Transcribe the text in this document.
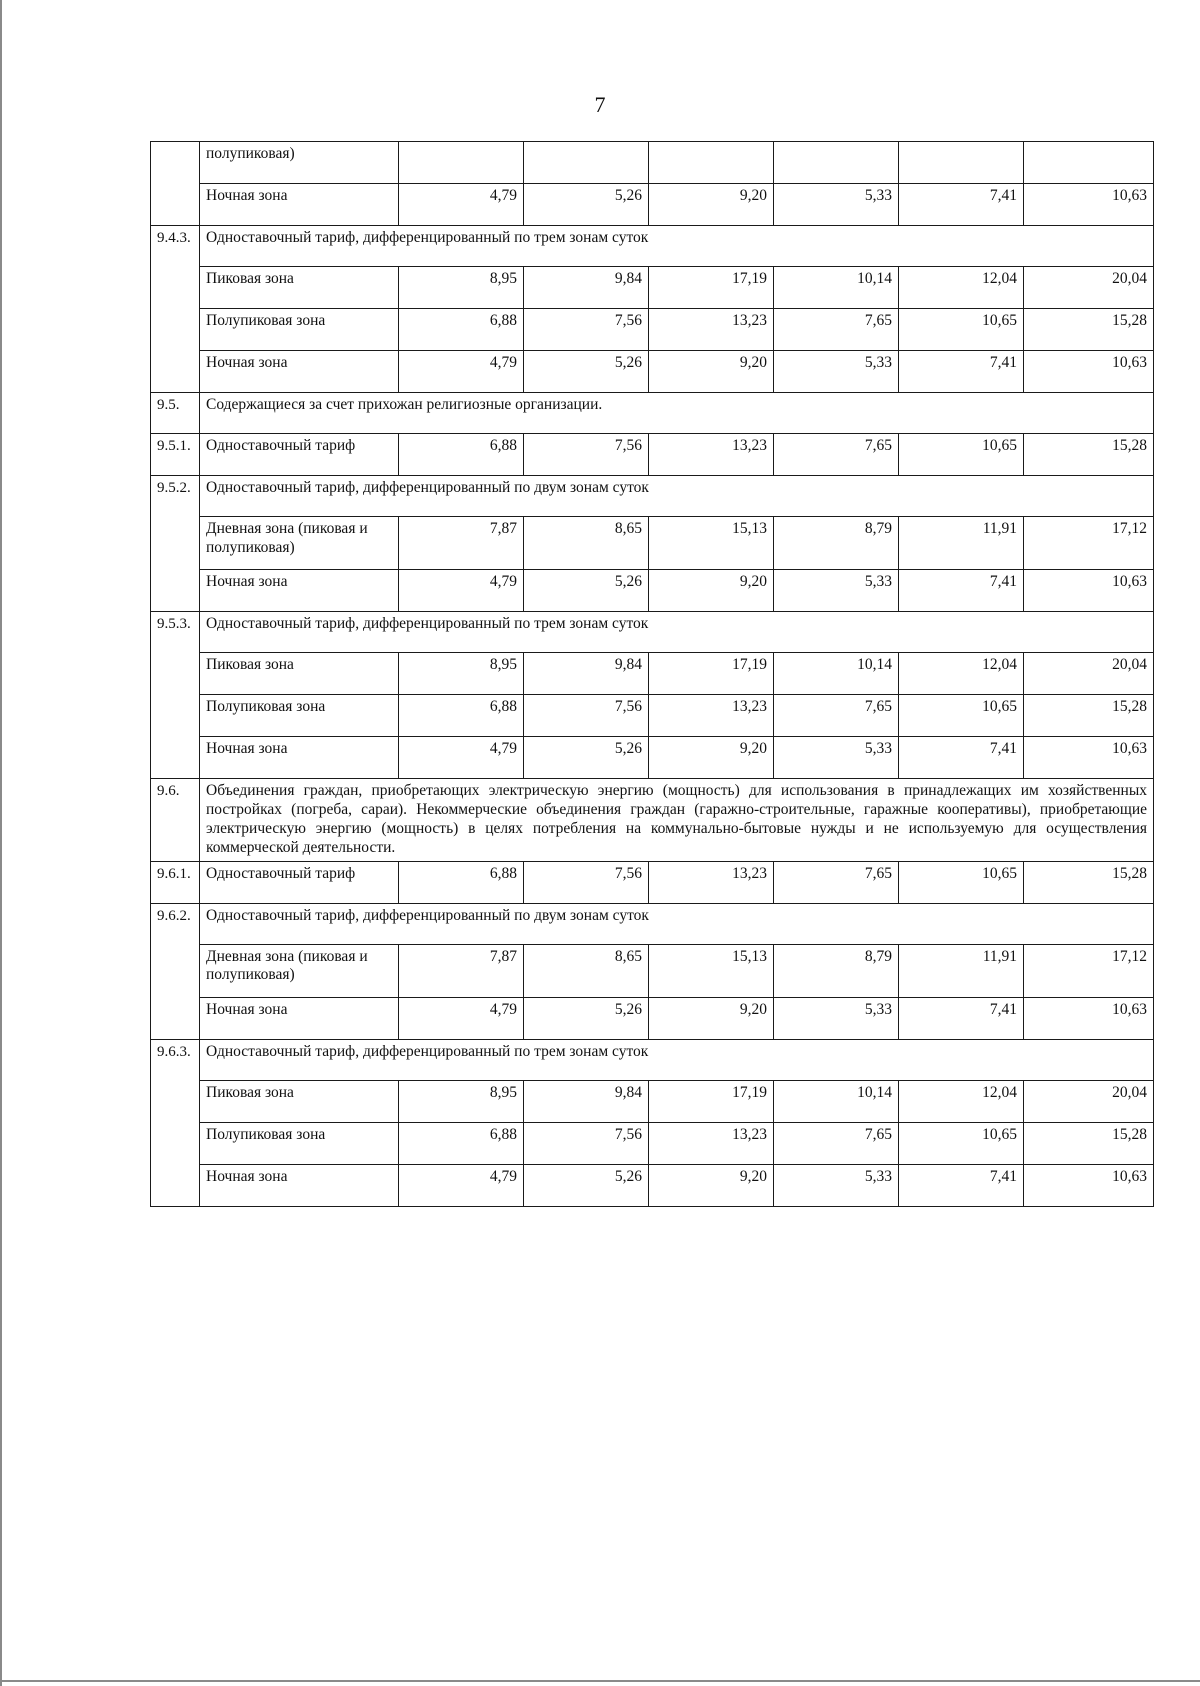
7
	полупиковая)						
	Ночная зона	4,79	5,26	9,20	5,33	7,41	10,63
9.4.3.	Одноставочный тариф, дифференцированный по трем зонам суток						
	Пиковая зона	8,95	9,84	17,19	10,14	12,04	20,04
	Полупиковая зона	6,88	7,56	13,23	7,65	10,65	15,28
	Ночная зона	4,79	5,26	9,20	5,33	7,41	10,63
9.5.	Содержащиеся за счет прихожан религиозные организации.						
9.5.1.	Одноставочный тариф	6,88	7,56	13,23	7,65	10,65	15,28
9.5.2.	Одноставочный тариф, дифференцированный по двум зонам суток						
	Дневная зона (пиковая и полупиковая)	7,87	8,65	15,13	8,79	11,91	17,12
	Ночная зона	4,79	5,26	9,20	5,33	7,41	10,63
9.5.3.	Одноставочный тариф, дифференцированный по трем зонам суток						
	Пиковая зона	8,95	9,84	17,19	10,14	12,04	20,04
	Полупиковая зона	6,88	7,56	13,23	7,65	10,65	15,28
	Ночная зона	4,79	5,26	9,20	5,33	7,41	10,63
9.6.	Объединения граждан, приобретающих электрическую энергию (мощность) для использования в принадлежащих им хозяйственных постройках (погреба, сараи). Некоммерческие объединения граждан (гаражно-строительные, гаражные кооперативы), приобретающие электрическую энергию (мощность) в целях потребления на коммунально-бытовые нужды и не используемую для осуществления коммерческой деятельности.						
9.6.1.	Одноставочный тариф	6,88	7,56	13,23	7,65	10,65	15,28
9.6.2.	Одноставочный тариф, дифференцированный по двум зонам суток						
	Дневная зона (пиковая и полупиковая)	7,87	8,65	15,13	8,79	11,91	17,12
	Ночная зона	4,79	5,26	9,20	5,33	7,41	10,63
9.6.3.	Одноставочный тариф, дифференцированный по трем зонам суток						
	Пиковая зона	8,95	9,84	17,19	10,14	12,04	20,04
	Полупиковая зона	6,88	7,56	13,23	7,65	10,65	15,28
	Ночная зона	4,79	5,26	9,20	5,33	7,41	10,63
